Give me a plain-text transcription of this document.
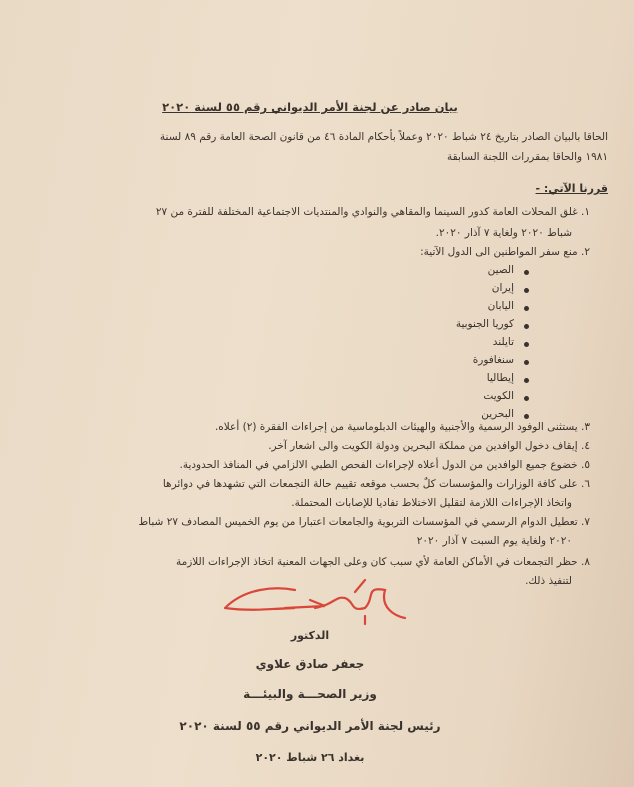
بيان صادر عن لجنة الأمر الديواني رقم ٥٥ لسنة ٢٠٢٠
الحاقا بالبيان الصادر بتاريخ ٢٤ شباط ٢٠٢٠ وعملاً بأحكام المادة ٤٦ من قانون الصحة العامة رقم ٨٩ لسنة
١٩٨١ والحاقا بمقررات اللجنة السابقة
قررنا الآتي: -
١. غلق المحلات العامة كدور السينما والمقاهي والنوادي والمنتديات الاجتماعية المختلفة للفترة من ٢٧
شباط ٢٠٢٠ ولغاية ٧ آذار ٢٠٢٠.
٢. منع سفر المواطنين الى الدول الآتية:
الصين
إيران
اليابان
كوريا الجنوبية
تايلند
سنغافورة
إيطاليا
الكويت
البحرين
٣. يستثنى الوفود الرسمية والأجنبية والهيئات الدبلوماسية من إجراءات الفقرة (٢) أعلاه.
٤. إيقاف دخول الوافدين من مملكة البحرين ودولة الكويت والى اشعار آخر.
٥. خضوع جميع الوافدين من الدول أعلاه لإجراءات الفحص الطبي الالزامي في المنافذ الحدودية.
٦. على كافة الوزارات والمؤسسات كلٌ بحسب موقعه تقييم حالة التجمعات التي تشهدها في دوائرها
واتخاذ الإجراءات اللازمة لتقليل الاختلاط تفاديا للإصابات المحتملة.
٧. تعطيل الدوام الرسمي في المؤسسات التربوية والجامعات اعتبارا من يوم الخميس المصادف ٢٧ شباط
٢٠٢٠ ولغاية يوم السبت ٧ آذار ٢٠٢٠
٨. حظر التجمعات في الأماكن العامة لأي سبب كان وعلى الجهات المعنية اتخاذ الإجراءات اللازمة
لتنفيذ ذلك.
الدكتور
جعفر صادق علاوي
وزير الصحـــة والبيئـــة
رئيس لجنة الأمر الديواني رقم ٥٥ لسنة ٢٠٢٠
بغداد ٢٦ شباط ٢٠٢٠
